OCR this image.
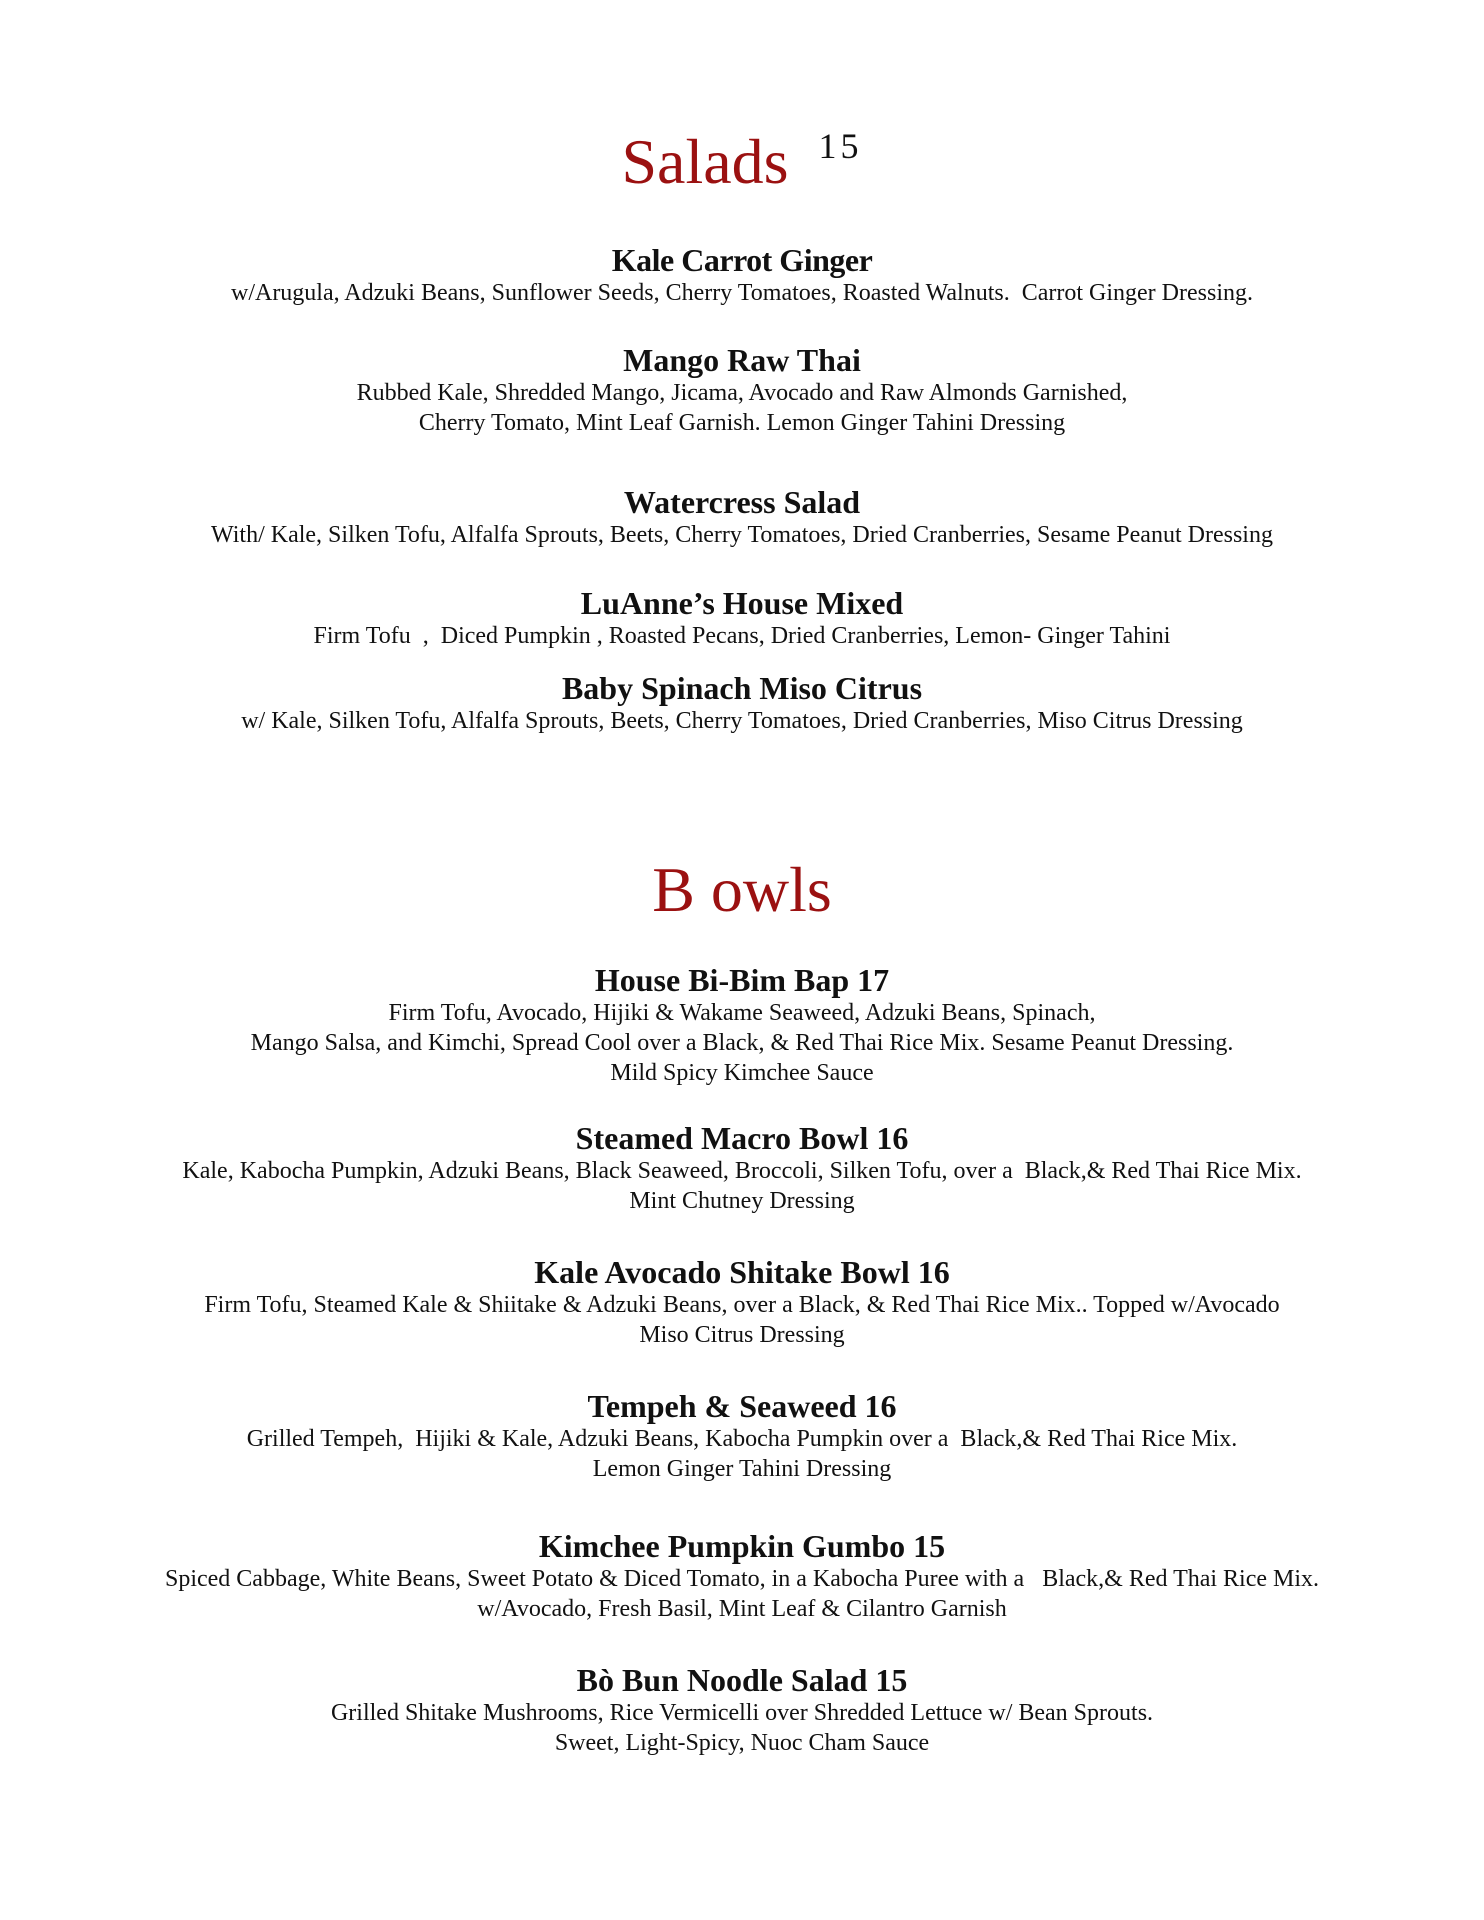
Salads $^{15}$
Kale Carrot Ginger
w/Arugula, Adzuki Beans, Sunflower Seeds, Cherry Tomatoes, Roasted Walnuts.  Carrot Ginger Dressing.
Mango Raw Thai
Rubbed Kale, Shredded Mango, Jicama, Avocado and Raw Almonds Garnished,
Cherry Tomato, Mint Leaf Garnish. Lemon Ginger Tahini Dressing
Watercress Salad
With/ Kale, Silken Tofu, Alfalfa Sprouts, Beets, Cherry Tomatoes, Dried Cranberries, Sesame Peanut Dressing
LuAnne’s House Mixed
Firm Tofu  ,  Diced Pumpkin , Roasted Pecans, Dried Cranberries, Lemon- Ginger Tahini
Baby Spinach Miso Citrus
w/ Kale, Silken Tofu, Alfalfa Sprouts, Beets, Cherry Tomatoes, Dried Cranberries, Miso Citrus Dressing
B owls
House Bi-Bim Bap 17
Firm Tofu, Avocado, Hijiki & Wakame Seaweed, Adzuki Beans, Spinach,
Mango Salsa, and Kimchi, Spread Cool over a Black, & Red Thai Rice Mix. Sesame Peanut Dressing.
Mild Spicy Kimchee Sauce
Steamed Macro Bowl 16
Kale, Kabocha Pumpkin, Adzuki Beans, Black Seaweed, Broccoli, Silken Tofu, over a  Black,& Red Thai Rice Mix.
Mint Chutney Dressing
Kale Avocado Shitake Bowl 16
Firm Tofu, Steamed Kale & Shiitake & Adzuki Beans, over a Black, & Red Thai Rice Mix.. Topped w/Avocado
Miso Citrus Dressing
Tempeh & Seaweed 16
Grilled Tempeh,  Hijiki & Kale, Adzuki Beans, Kabocha Pumpkin over a  Black,& Red Thai Rice Mix.
Lemon Ginger Tahini Dressing
Kimchee Pumpkin Gumbo 15
Spiced Cabbage, White Beans, Sweet Potato & Diced Tomato, in a Kabocha Puree with a   Black,& Red Thai Rice Mix.
w/Avocado, Fresh Basil, Mint Leaf & Cilantro Garnish
Bò Bun Noodle Salad 15
Grilled Shitake Mushrooms, Rice Vermicelli over Shredded Lettuce w/ Bean Sprouts.
Sweet, Light-Spicy, Nuoc Cham Sauce
